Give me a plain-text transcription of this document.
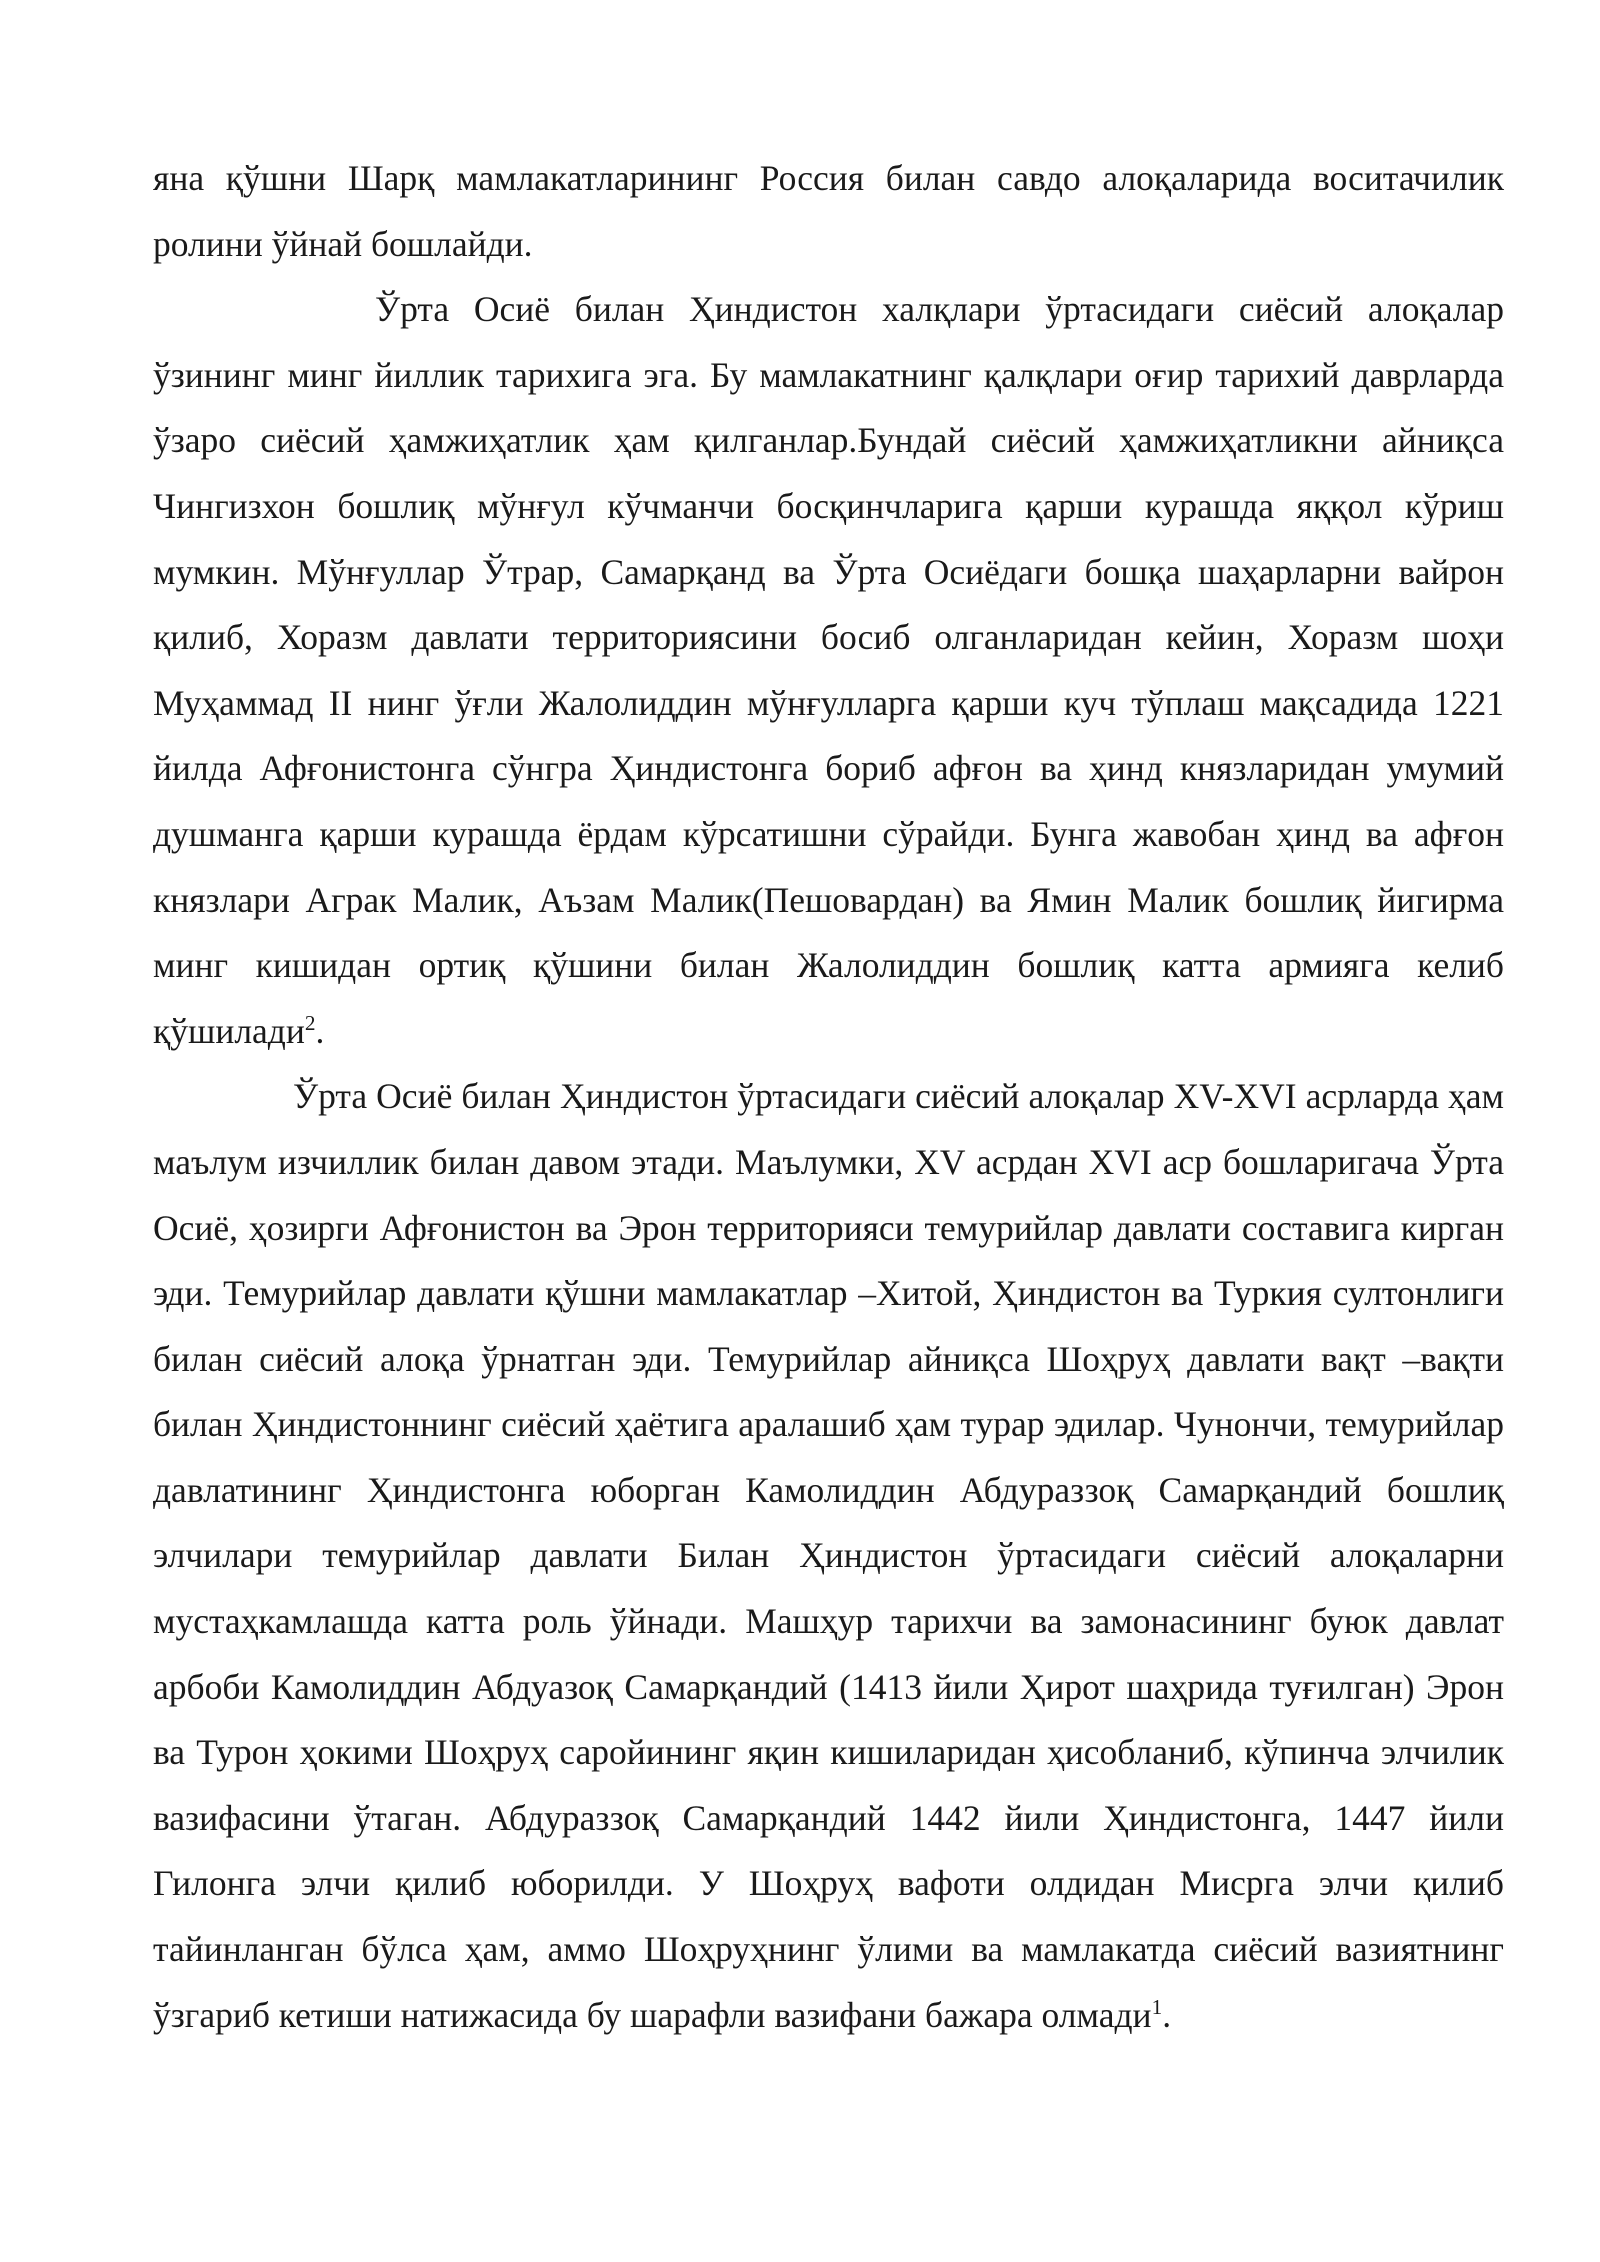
яна қўшни Шарқ мамлакатларининг Россия билан савдо алоқаларида воситачилик ролини ўйнай бошлайди.

Ўрта Осиё билан Ҳиндистон халқлари ўртасидаги сиёсий алоқалар ўзининг минг йиллик тарихига эга. Бу мамлакатнинг қалқлари оғир тарихий даврларда ўзаро сиёсий ҳамжиҳатлик ҳам қилганлар.Бундай сиёсий ҳамжиҳатликни айниқса Чингизхон бошлиқ мўнғул кўчманчи босқинчларига қарши курашда яққол кўриш мумкин. Мўнғуллар Ўтрар, Самарқанд ва Ўрта Осиёдаги бошқа шаҳарларни вайрон қилиб, Хоразм давлати территориясини босиб олганларидан кейин, Хоразм шоҳи Муҳаммад II нинг ўғли Жалолиддин мўнғулларга қарши куч тўплаш мақсадида 1221 йилда Афғонистонга сўнгра Ҳиндистонга бориб афғон ва ҳинд князларидан умумий душманга қарши курашда ёрдам кўрсатишни сўрайди. Бунга жавобан ҳинд ва афғон князлари Аграк Малик, Аъзам Малик(Пешовардан) ва Ямин Малик бошлиқ йигирма минг кишидан ортиқ қўшини билан Жалолиддин бошлиқ катта армияга келиб қўшилади$^2$.

Ўрта Осиё билан Ҳиндистон ўртасидаги сиёсий алоқалар XV-XVI асрларда ҳам маълум изчиллик билан давом этади. Маълумки, XV асрдан XVI аср бошларигача Ўрта Осиё, ҳозирги Афғонистон ва Эрон территорияси темурийлар давлати составига кирган эди. Темурийлар давлати қўшни мамлакатлар –Хитой, Ҳиндистон ва Туркия султонлиги билан сиёсий алоқа ўрнатган эди. Темурийлар айниқса Шоҳруҳ давлати вақт –вақти билан Ҳиндистоннинг сиёсий ҳаётига аралашиб ҳам турар эдилар. Чунончи, темурийлар давлатининг Ҳиндистонга юборган Камолиддин Абдураззоқ Самарқандий бошлиқ элчилари темурийлар давлати Билан Ҳиндистон ўртасидаги сиёсий алоқаларни мустаҳкамлашда катта роль ўйнади. Машҳур тарихчи ва замонасининг буюк давлат арбоби Камолиддин Абдуазоқ Самарқандий (1413 йили Ҳирот шаҳрида туғилган) Эрон ва Турон ҳокими Шоҳруҳ саройининг яқин кишиларидан ҳисобланиб, кўпинча элчилик вазифасини ўтаган. Абдураззоқ Самарқандий 1442 йили Ҳиндистонга, 1447 йили Гилонга элчи қилиб юборилди. У Шоҳруҳ вафоти олдидан Мисрга элчи қилиб тайинланган бўлса ҳам, аммо Шоҳруҳнинг ўлими ва мамлакатда сиёсий вазиятнинг ўзгариб кетиши натижасида бу шарафли вазифани бажара олмади$^1$.
